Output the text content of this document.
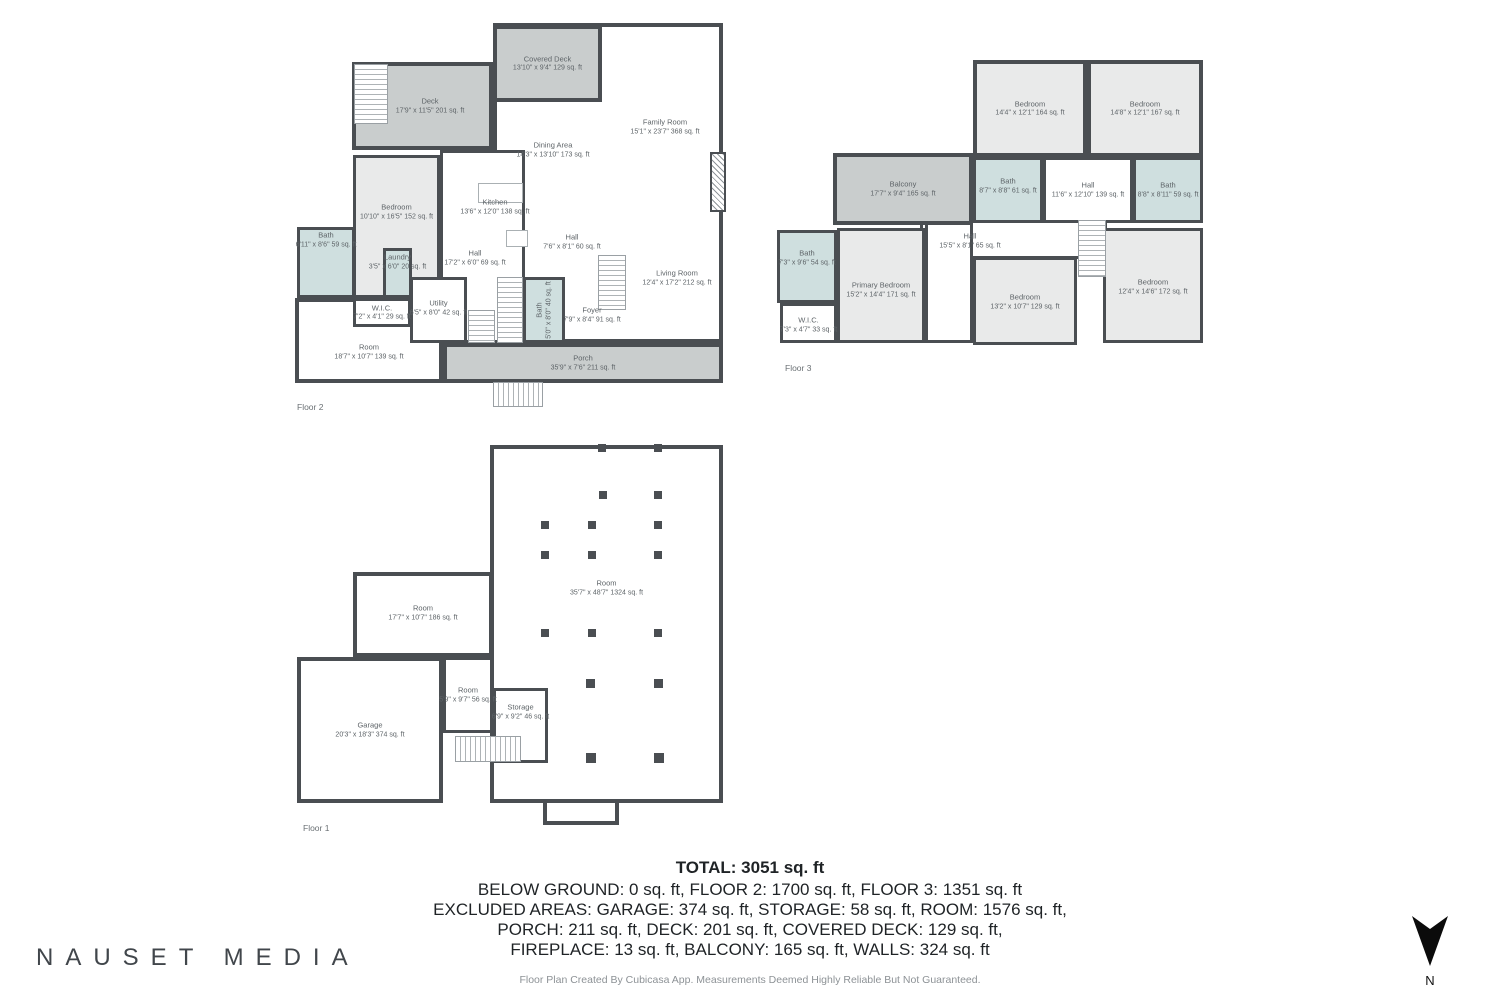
Porch
35'9" x 7'6" 211 sq. ft
Deck
17'9" x 11'5" 201 sq. ft
Covered Deck
13'10" x 9'4" 129 sq. ft
Bedroom
10'10" x 16'5" 152 sq. ft
Room
18'7" x 10'7" 139 sq. ft
Bath
6'11" x 8'6" 59 sq. ft
Laundry
3'5" x 6'0" 20 sq. ft
W.I.C.
7'2" x 4'1" 29 sq. ft
Utility
6'5" x 8'0" 42 sq. ft	Bath 5'0" x 8'0" 40 sq. ft
Family Room
15'1" x 23'7" 368 sq. ft
Dining Area
14'3" x 13'10" 173 sq. ft
Kitchen
13'6" x 12'0" 138 sq. ft
Hall
7'6" x 8'1" 60 sq. ft
Hall
17'2" x 6'0" 69 sq. ft
Living Room
12'4" x 17'2" 212 sq. ft
Foyer
7'9" x 8'4" 91 sq. ft
Floor 2
Hall
11'6" x 12'10" 139 sq. ft
Bedroom
14'4" x 12'1" 164 sq. ft
Bedroom
14'8" x 12'1" 167 sq. ft
Balcony
17'7" x 9'4" 165 sq. ft
Bath
8'7" x 8'8" 61 sq. ft
Bath
8'8" x 8'11" 59 sq. ft
Primary Bedroom
15'2" x 14'4" 171 sq. ft
Bath
7'3" x 9'6" 54 sq. ft
W.I.C.
7'3" x 4'7" 33 sq. ft
Bedroom
13'2" x 10'7" 129 sq. ft
Bedroom
12'4" x 14'6" 172 sq. ft
Hall
15'5" x 8'1" 65 sq. ft
Floor 3
Room
35'7" x 48'7" 1324 sq. ft
Room
17'7" x 10'7" 186 sq. ft
Garage
20'3" x 18'3" 374 sq. ft
Room
5'9" x 9'7" 56 sq. ft
Storage
6'9" x 9'2" 46 sq. ft
Floor 1
TOTAL: 3051 sq. ft
BELOW GROUND: 0 sq. ft, FLOOR 2: 1700 sq. ft, FLOOR 3: 1351 sq. ft
EXCLUDED AREAS: GARAGE: 374 sq. ft, STORAGE: 58 sq. ft, ROOM: 1576 sq. ft,
PORCH: 211 sq. ft, DECK: 201 sq. ft, COVERED DECK: 129 sq. ft,
FIREPLACE: 13 sq. ft, BALCONY: 165 sq. ft, WALLS: 324 sq. ft
Floor Plan Created By Cubicasa App. Measurements Deemed Highly Reliable But Not Guaranteed.
NAUSET MEDIA
N
